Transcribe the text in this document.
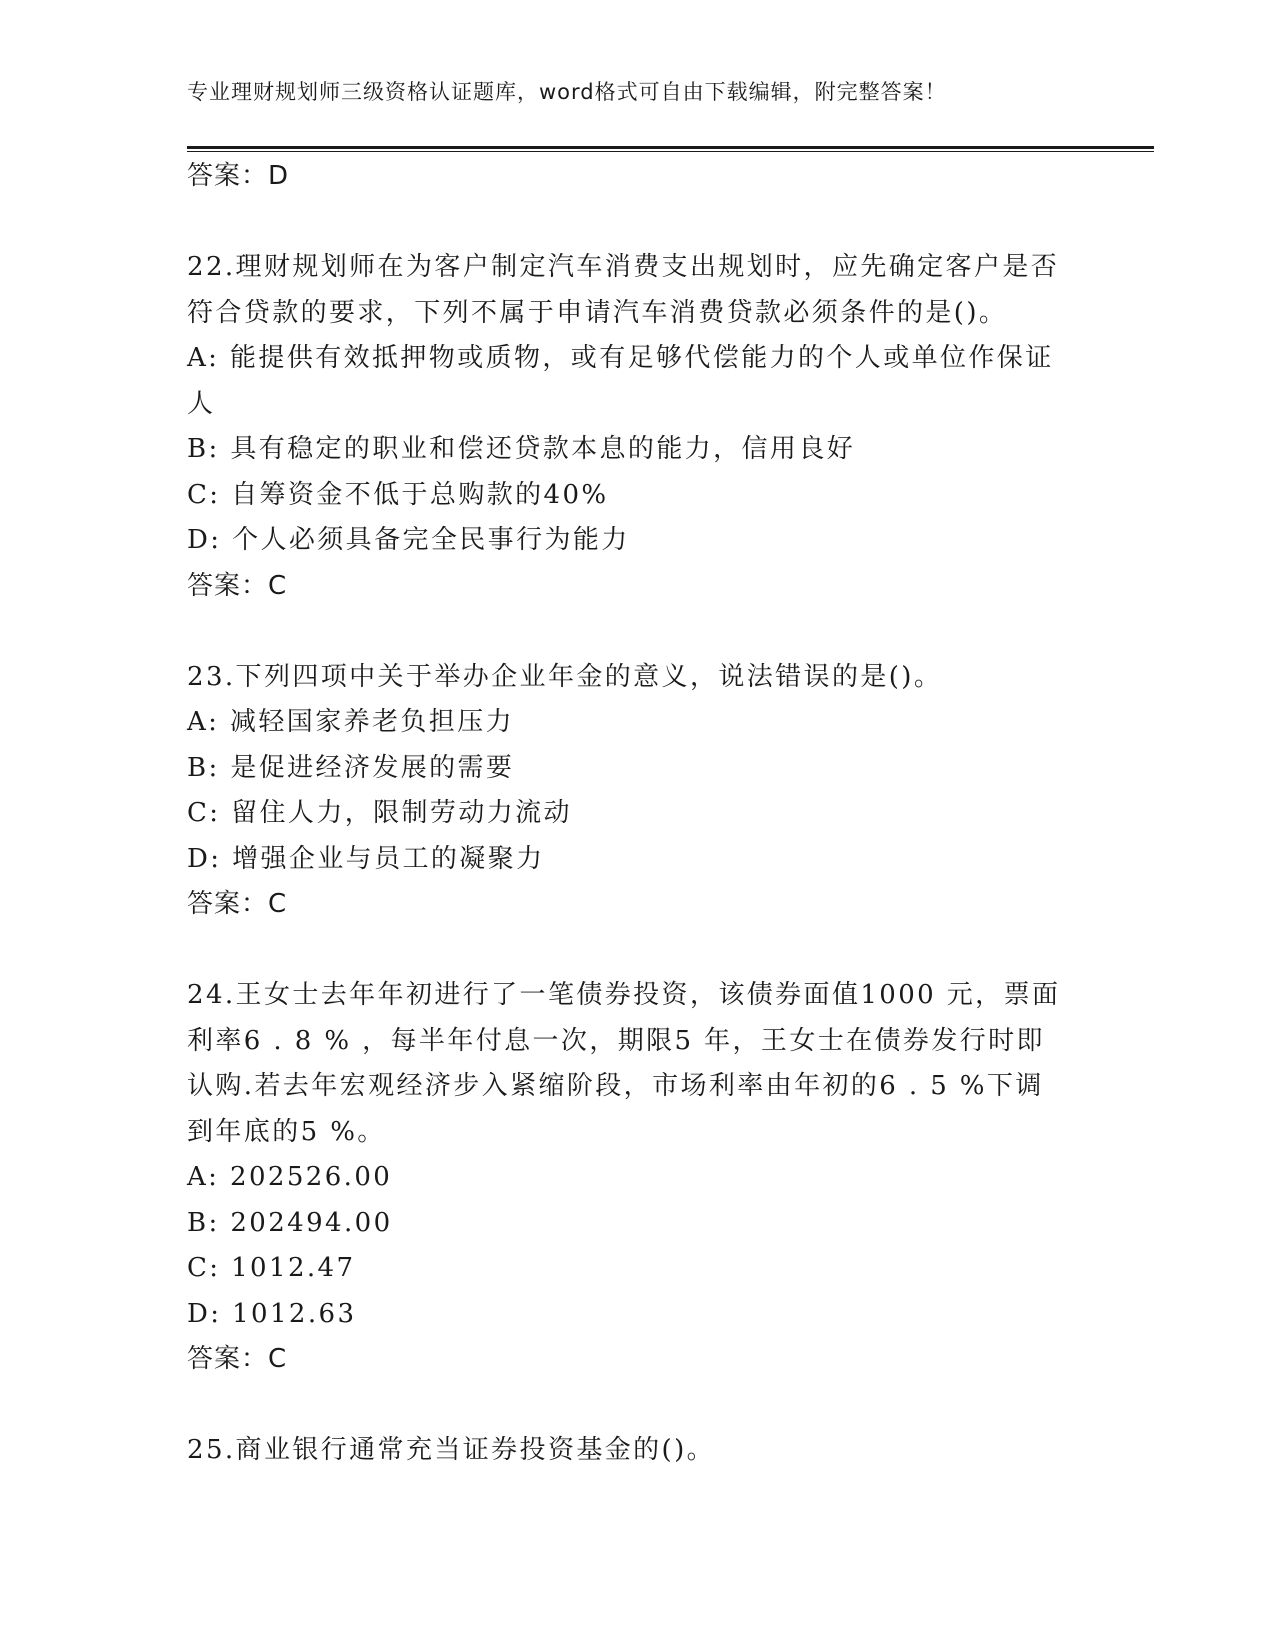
专业理财规划师三级资格认证题库，word格式可自由下载编辑，附完整答案！

答案：D

22.理财规划师在为客户制定汽车消费支出规划时，应先确定客户是否

符合贷款的要求，下列不属于申请汽车消费贷款必须条件的是()。

A: 能提供有效抵押物或质物，或有足够代偿能力的个人或单位作保证

人

B: 具有稳定的职业和偿还贷款本息的能力，信用良好

C: 自筹资金不低于总购款的40%

D: 个人必须具备完全民事行为能力

答案：C

23.下列四项中关于举办企业年金的意义，说法错误的是()。

A: 减轻国家养老负担压力

B: 是促进经济发展的需要

C: 留住人力，限制劳动力流动

D: 增强企业与员工的凝聚力

答案：C

24.王女士去年年初进行了一笔债券投资，该债券面值1000 元，票面

利率6 . 8 % ，每半年付息一次，期限5 年，王女士在债券发行时即

认购.若去年宏观经济步入紧缩阶段，市场利率由年初的6 . 5 %下调

到年底的5 %。

A: 202526.00

B: 202494.00

C: 1012.47

D: 1012.63

答案：C

25.商业银行通常充当证券投资基金的()。
